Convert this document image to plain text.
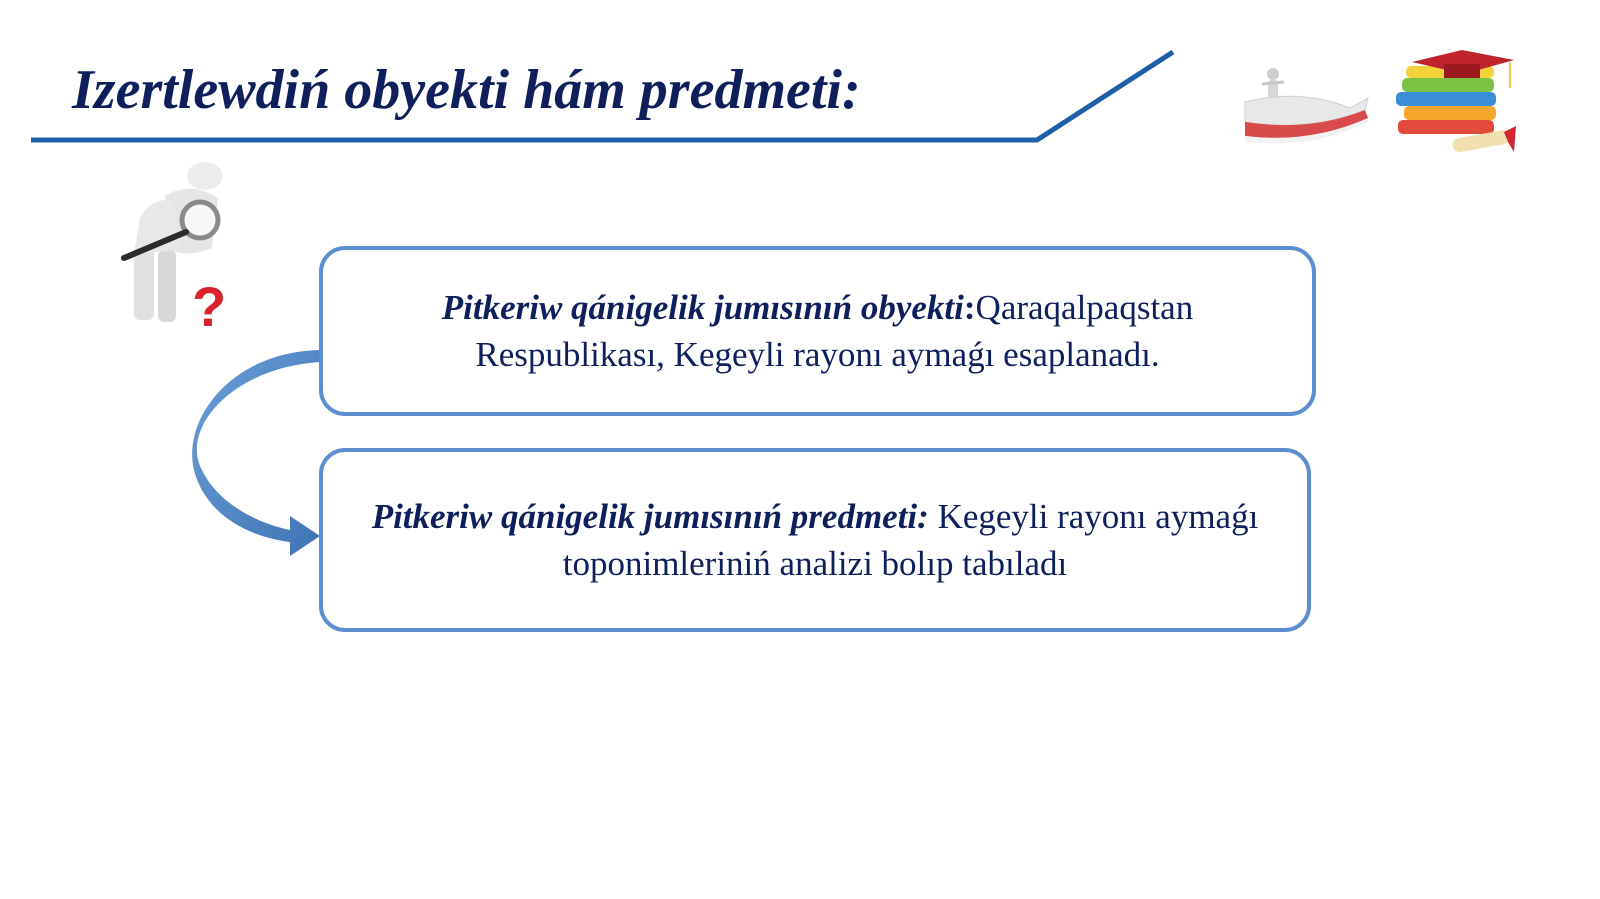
Izertlewdiń obyekti hám predmeti:
?	Pitkeriw qánigelik jumısınıń obyekti:Qaraqalpaqstan Respublikası, Kegeyli rayonı aymaǵı esaplanadı.
Pitkeriw qánigelik jumısınıń predmeti: Kegeyli rayonı aymaǵı toponimleriniń analizi bolıp tabıladı
